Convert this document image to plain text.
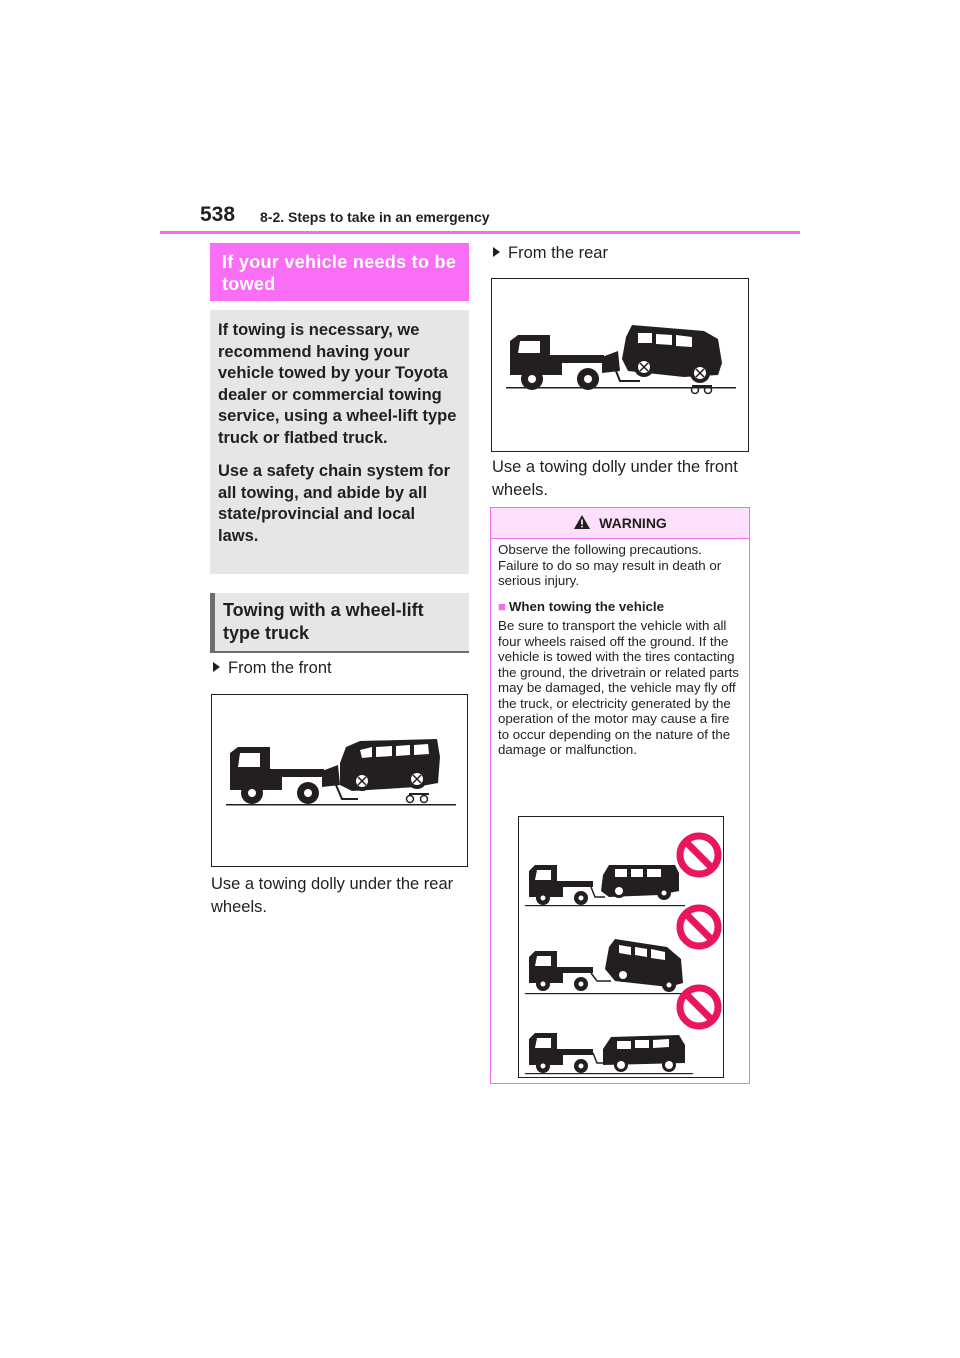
538 8-2. Steps to take in an emergency
If your vehicle needs to be towed

If towing is necessary, we recommend having your vehicle towed by your Toyota dealer or commercial towing service, using a wheel-lift type truck or flatbed truck.

Use a safety chain system for all towing, and abide by all state/provincial and local laws.

Towing with a wheel-lift type truck
From the front
Use a towing dolly under the rear wheels.
From the rear
Use a towing dolly under the front wheels.
WARNING

Observe the following precautions. Failure to do so may result in death or serious injury.

■ When towing the vehicle

Be sure to transport the vehicle with all four wheels raised off the ground. If the vehicle is towed with the tires contacting the ground, the drivetrain or related parts may be damaged, the vehicle may fly off the truck, or electricity generated by the operation of the motor may cause a fire to occur depending on the nature of the damage or malfunction.
